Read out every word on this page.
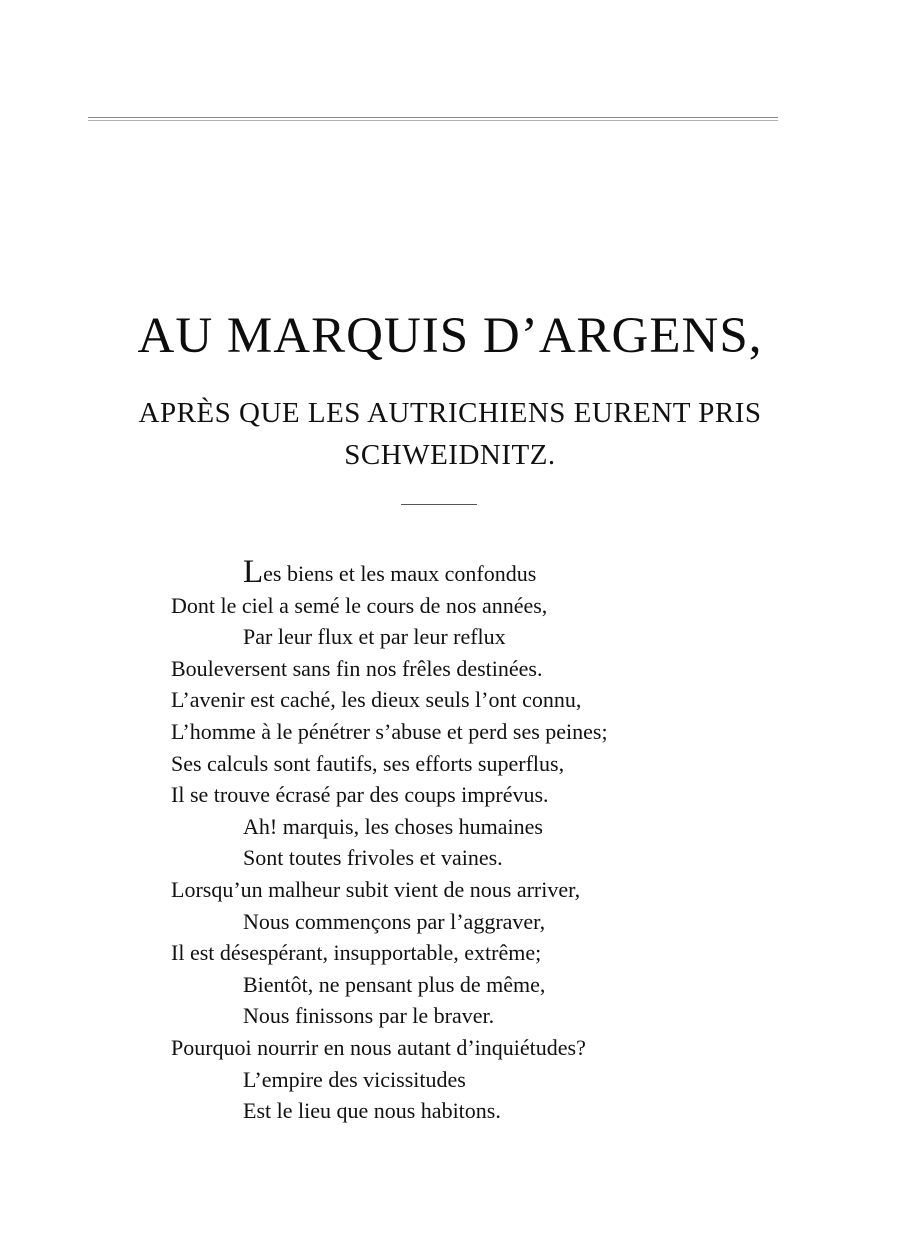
AU MARQUIS D’ARGENS,
APRÈS QUE LES AUTRICHIENS EURENT PRIS
SCHWEIDNITZ.
Les biens et les maux confondus
Dont le ciel a semé le cours de nos années,
Par leur flux et par leur reflux
Bouleversent sans fin nos frêles destinées.
L’avenir est caché, les dieux seuls l’ont connu,
L’homme à le pénétrer s’abuse et perd ses peines;
Ses calculs sont fautifs, ses efforts superflus,
Il se trouve écrasé par des coups imprévus.
Ah! marquis, les choses humaines
Sont toutes frivoles et vaines.
Lorsqu’un malheur subit vient de nous arriver,
Nous commençons par l’aggraver,
Il est désespérant, insupportable, extrême;
Bientôt, ne pensant plus de même,
Nous finissons par le braver.
Pourquoi nourrir en nous autant d’inquiétudes?
L’empire des vicissitudes
Est le lieu que nous habitons.
